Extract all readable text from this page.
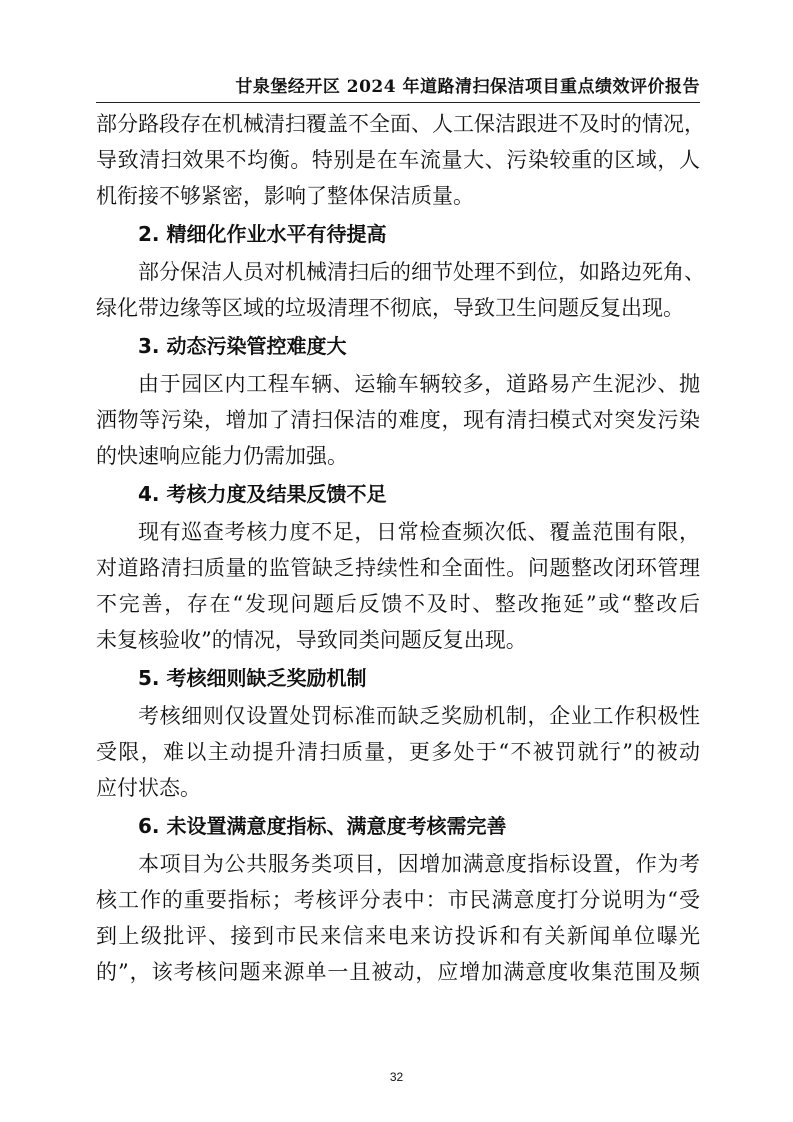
甘泉堡经开区 2024 年道路清扫保洁项目重点绩效评价报告
部分路段存在机械清扫覆盖不全面、人工保洁跟进不及时的情况，
导致清扫效果不均衡。特别是在车流量大、污染较重的区域，人
机衔接不够紧密，影响了整体保洁质量。
2. 精细化作业水平有待提高
部分保洁人员对机械清扫后的细节处理不到位，如路边死角、
绿化带边缘等区域的垃圾清理不彻底，导致卫生问题反复出现。
3. 动态污染管控难度大
由于园区内工程车辆、运输车辆较多，道路易产生泥沙、抛
洒物等污染，增加了清扫保洁的难度，现有清扫模式对突发污染
的快速响应能力仍需加强。
4. 考核力度及结果反馈不足
现有巡查考核力度不足，日常检查频次低、覆盖范围有限，
对道路清扫质量的监管缺乏持续性和全面性。问题整改闭环管理
不完善，存在“发现问题后反馈不及时、整改拖延”或“整改后
未复核验收”的情况，导致同类问题反复出现。
5. 考核细则缺乏奖励机制
考核细则仅设置处罚标准而缺乏奖励机制，企业工作积极性
受限，难以主动提升清扫质量，更多处于“不被罚就行”的被动
应付状态。
6. 未设置满意度指标、满意度考核需完善
本项目为公共服务类项目，因增加满意度指标设置，作为考
核工作的重要指标；考核评分表中：市民满意度打分说明为“受
到上级批评、接到市民来信来电来访投诉和有关新闻单位曝光
的”，该考核问题来源单一且被动，应增加满意度收集范围及频
32
